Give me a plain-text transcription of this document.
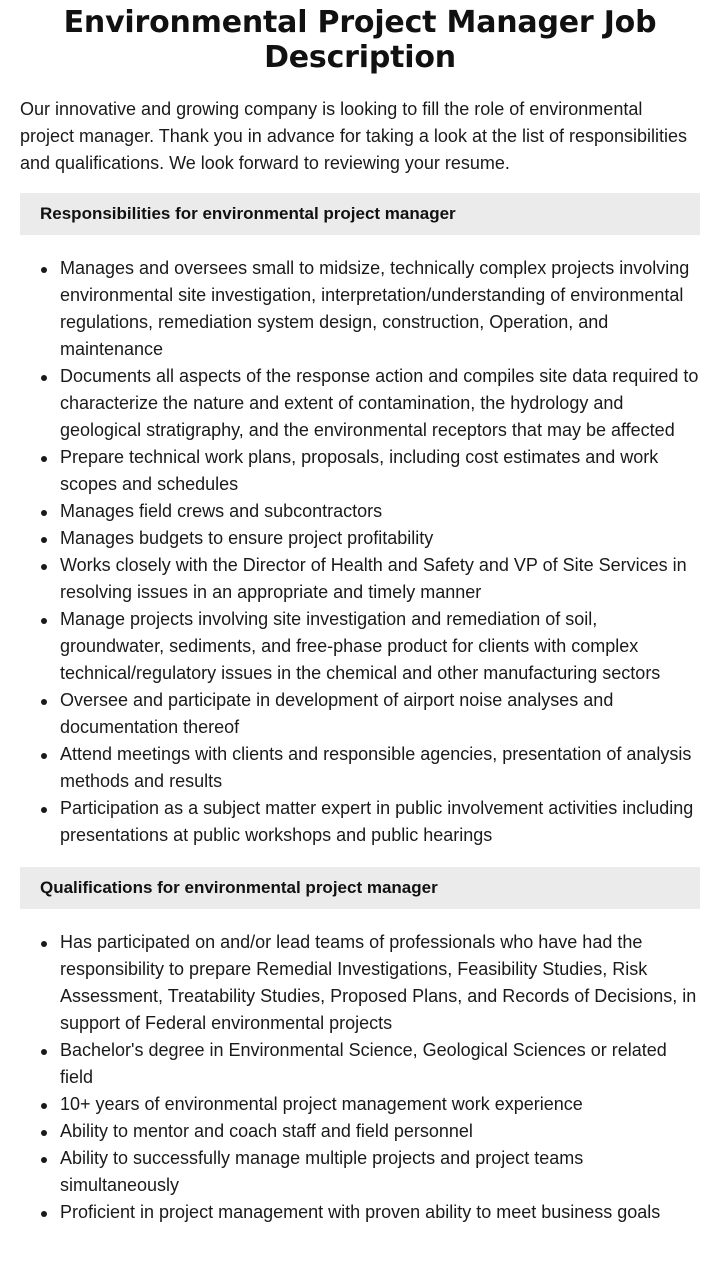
Environmental Project Manager Job Description

Our innovative and growing company is looking to fill the role of environmental project manager. Thank you in advance for taking a look at the list of responsibilities and qualifications. We look forward to reviewing your resume.

Responsibilities for environmental project manager
Manages and oversees small to midsize, technically complex projects involving environmental site investigation, interpretation/understanding of environmental regulations, remediation system design, construction, Operation, and maintenance
Documents all aspects of the response action and compiles site data required to characterize the nature and extent of contamination, the hydrology and geological stratigraphy, and the environmental receptors that may be affected
Prepare technical work plans, proposals, including cost estimates and work scopes and schedules
Manages field crews and subcontractors
Manages budgets to ensure project profitability
Works closely with the Director of Health and Safety and VP of Site Services in resolving issues in an appropriate and timely manner
Manage projects involving site investigation and remediation of soil, groundwater, sediments, and free-phase product for clients with complex technical/regulatory issues in the chemical and other manufacturing sectors
Oversee and participate in development of airport noise analyses and documentation thereof
Attend meetings with clients and responsible agencies, presentation of analysis methods and results
Participation as a subject matter expert in public involvement activities including presentations at public workshops and public hearings
Qualifications for environmental project manager
Has participated on and/or lead teams of professionals who have had the responsibility to prepare Remedial Investigations, Feasibility Studies, Risk Assessment, Treatability Studies, Proposed Plans, and Records of Decisions, in support of Federal environmental projects
Bachelor's degree in Environmental Science, Geological Sciences or related field
10+ years of environmental project management work experience
Ability to mentor and coach staff and field personnel
Ability to successfully manage multiple projects and project teams simultaneously
Proficient in project management with proven ability to meet business goals
